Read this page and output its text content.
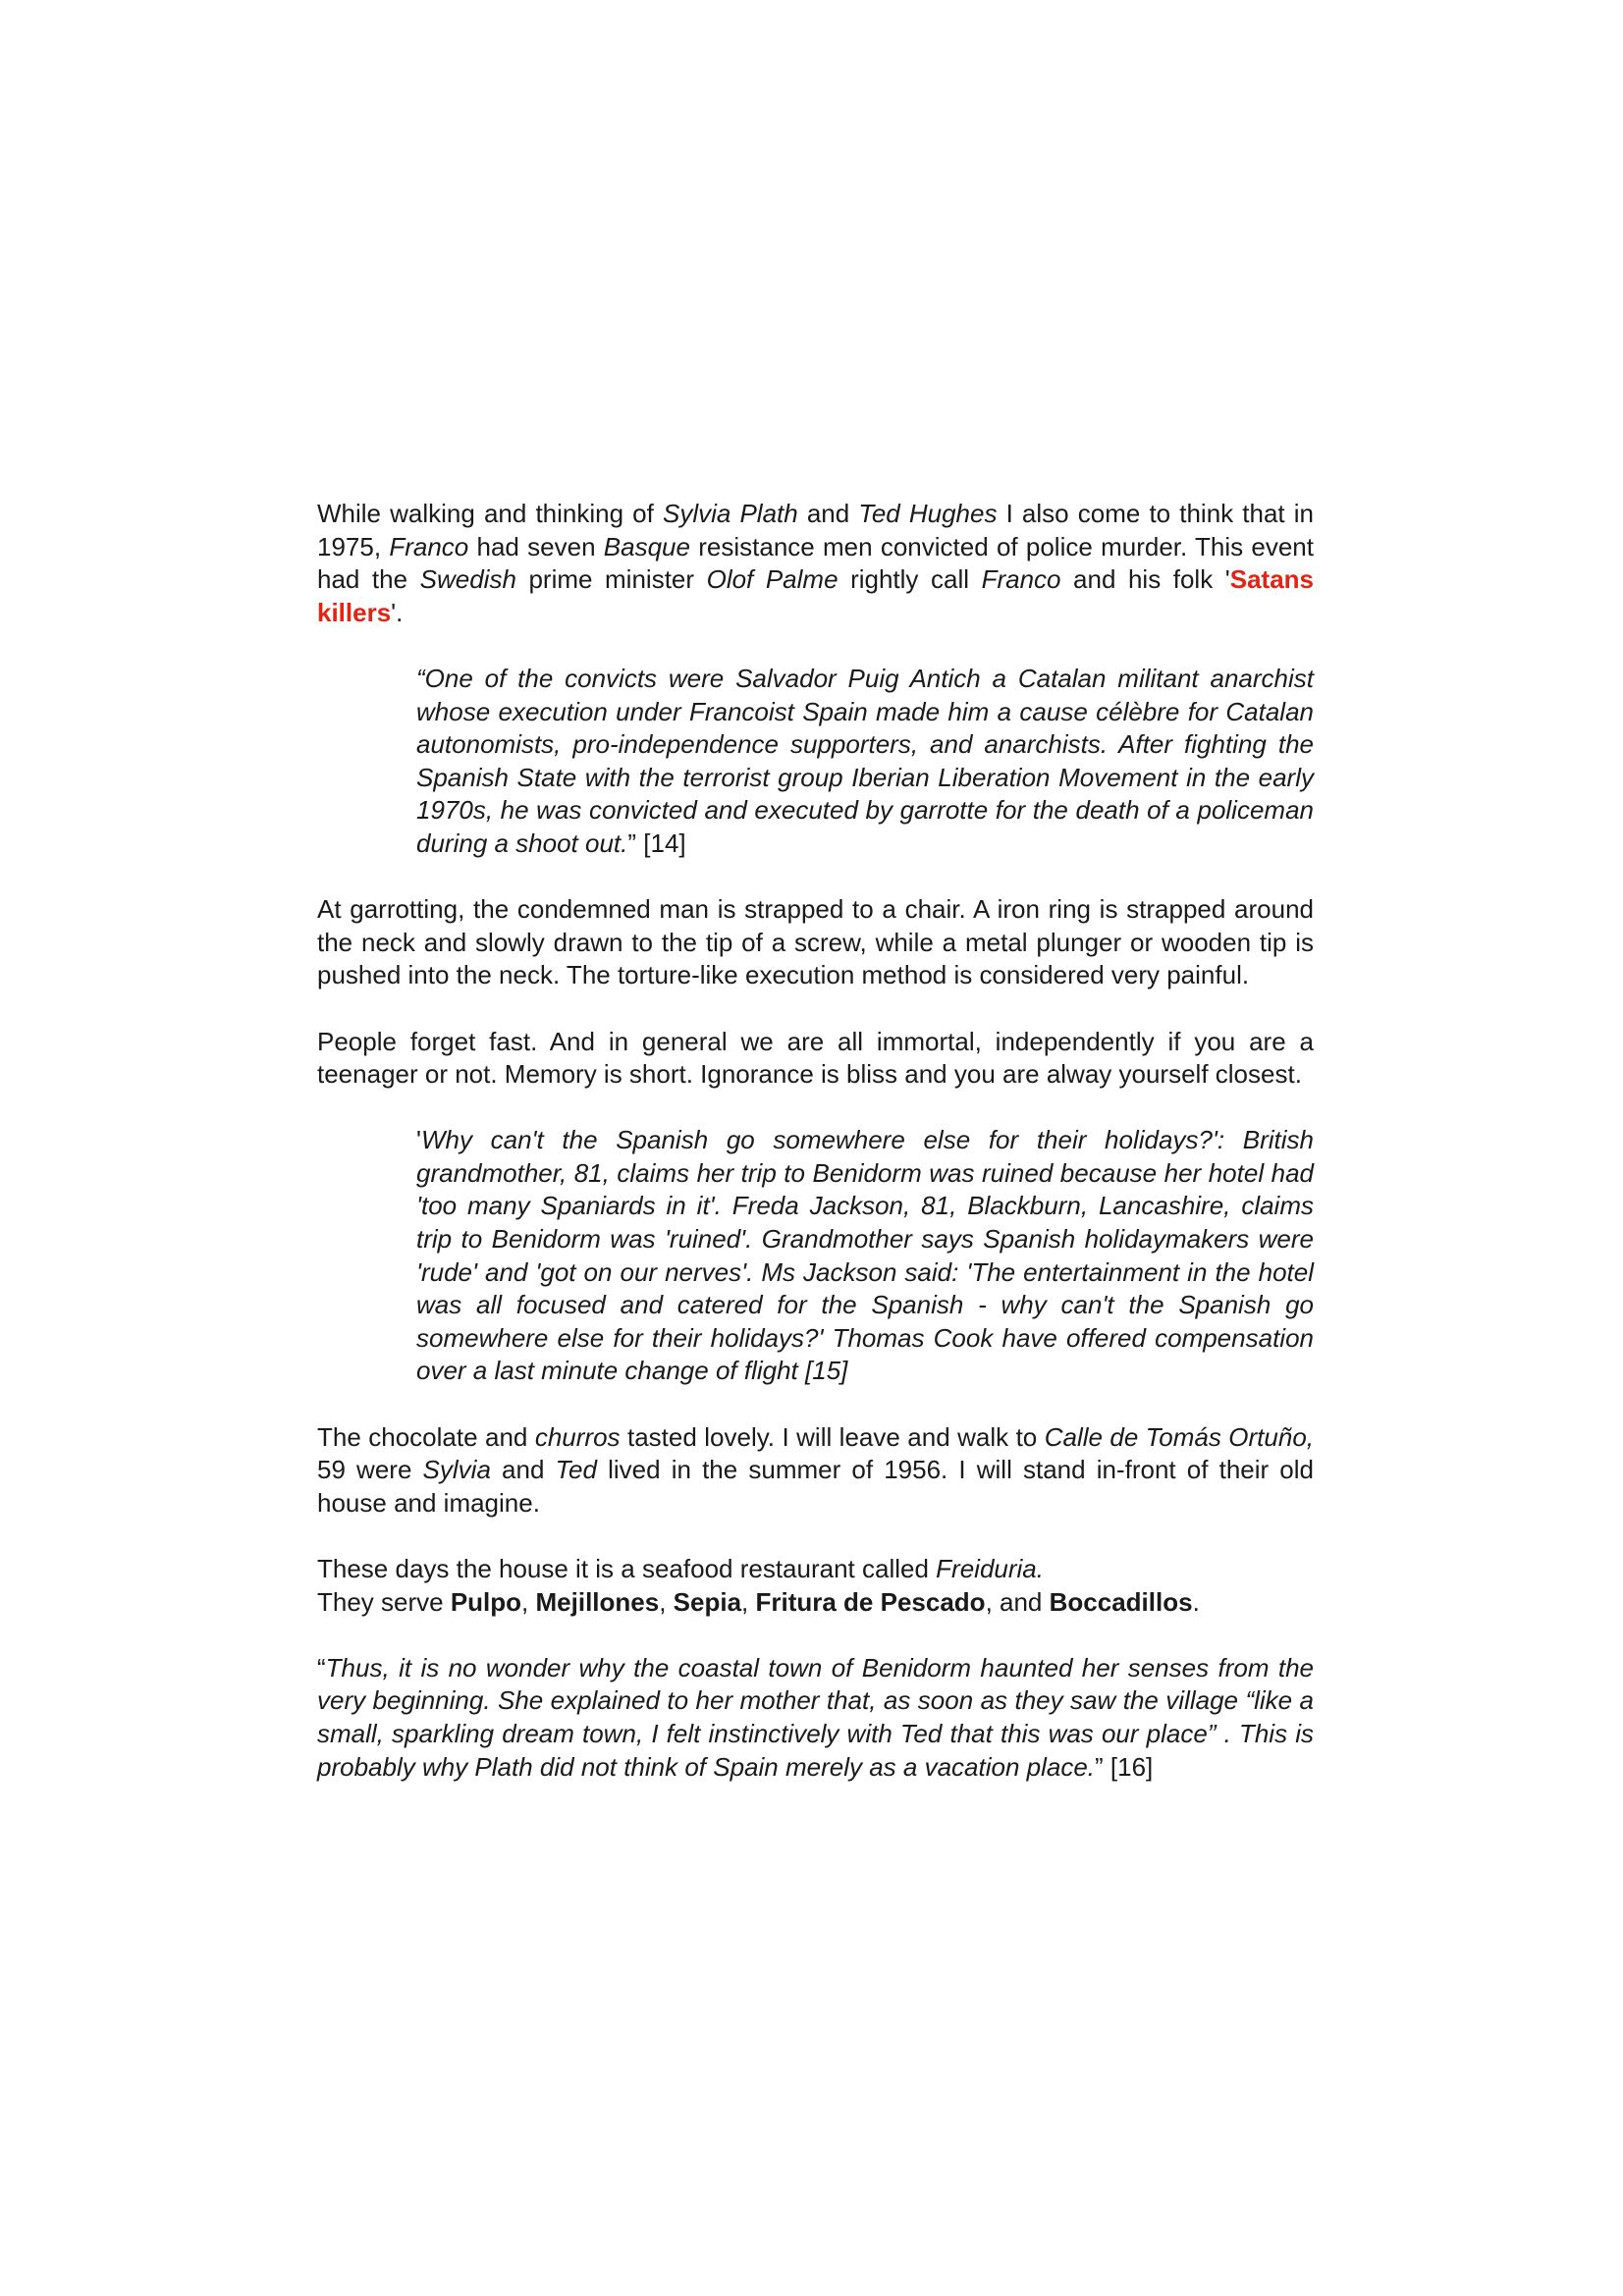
While walking and thinking of Sylvia Plath and Ted Hughes I also come to think that in 1975, Franco had seven Basque resistance men convicted of police murder. This event had the Swedish prime minister Olof Palme rightly call Franco and his folk 'Satans killers'.

“One of the convicts were Salvador Puig Antich a Catalan militant anarchist whose execution under Francoist Spain made him a cause célèbre for Catalan autonomists, pro-independence supporters, and anarchists. After fighting the Spanish State with the terrorist group Iberian Liberation Movement in the early 1970s, he was convicted and executed by garrotte for the death of a policeman during a shoot out.” [14]

At garrotting, the condemned man is strapped to a chair. A iron ring is strapped around the neck and slowly drawn to the tip of a screw, while a metal plunger or wooden tip is pushed into the neck. The torture-like execution method is considered very painful.

People forget fast. And in general we are all immortal, independently if you are a teenager or not. Memory is short. Ignorance is bliss and you are alway yourself closest.

'Why can't the Spanish go somewhere else for their holidays?': British grandmother, 81, claims her trip to Benidorm was ruined because her hotel had 'too many Spaniards in it'. Freda Jackson, 81, Blackburn, Lancashire, claims trip to Benidorm was 'ruined'. Grandmother says Spanish holidaymakers were 'rude' and 'got on our nerves'. Ms Jackson said: 'The entertainment in the hotel was all focused and catered for the Spanish - why can't the Spanish go somewhere else for their holidays?' Thomas Cook have offered compensation over a last minute change of flight [15]

The chocolate and churros tasted lovely. I will leave and walk to Calle de Tomás Ortuño, 59 were Sylvia and Ted lived in the summer of 1956. I will stand in-front of their old house and imagine.

These days the house it is a seafood restaurant called Freiduria.

They serve Pulpo, Mejillones, Sepia, Fritura de Pescado, and Boccadillos.

“Thus, it is no wonder why the coastal town of Benidorm haunted her senses from the very beginning. She explained to her mother that, as soon as they saw the village “like a small, sparkling dream town, I felt instinctively with Ted that this was our place” . This is probably why Plath did not think of Spain merely as a vacation place.” [16]
